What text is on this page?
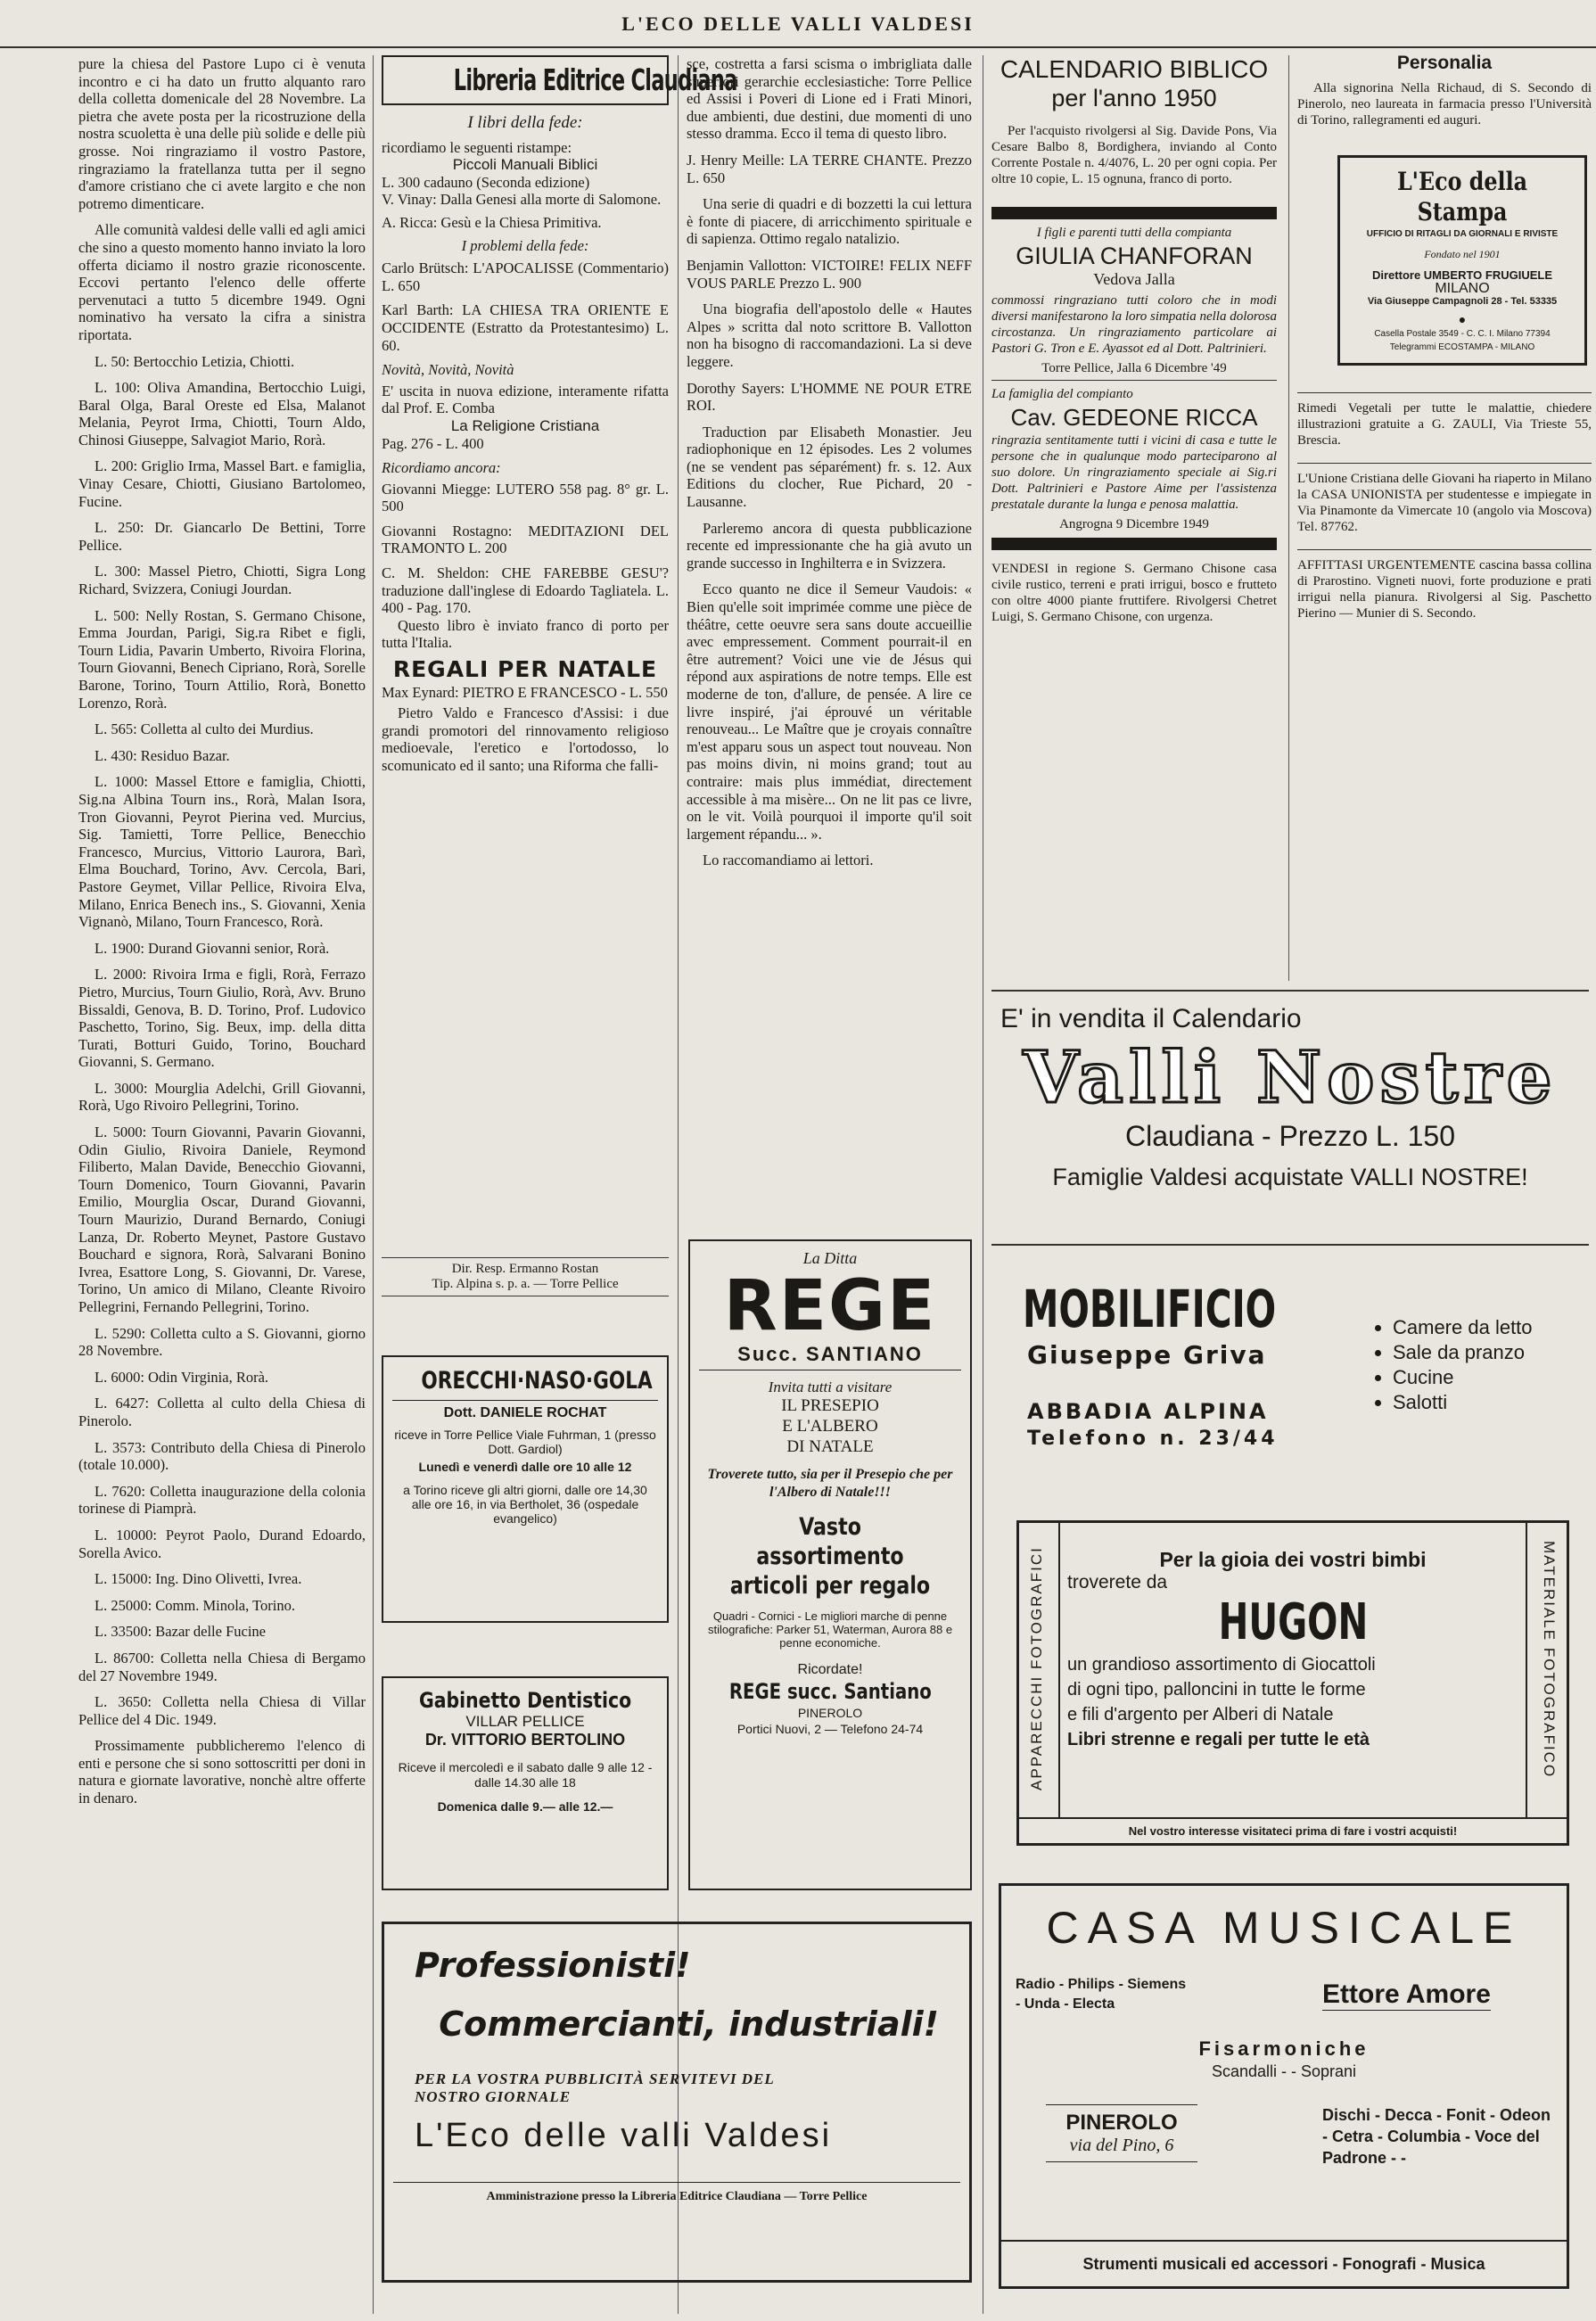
L'ECO DELLE VALLI VALDESI

pure la chiesa del Pastore Lupo ci è venuta incontro e ci ha dato un frutto alquanto raro della colletta domenicale del 28 Novembre. La pietra che avete posta per la ricostruzione della nostra scuoletta è una delle più solide e delle più grosse. Noi ringraziamo il vostro Pastore, ringraziamo la fratellanza tutta per il segno d'amore cristiano che ci avete largito e che non potremo dimenticare.

Alle comunità valdesi delle valli ed agli amici che sino a questo momento hanno inviato la loro offerta diciamo il nostro grazie riconoscente. Eccovi pertanto l'elenco delle offerte pervenutaci a tutto 5 dicembre 1949. Ogni nominativo ha versato la cifra a sinistra riportata.

L. 50: Bertocchio Letizia, Chiotti.

L. 100: Oliva Amandina, Bertocchio Luigi, Baral Olga, Baral Oreste ed Elsa, Malanot Melania, Peyrot Irma, Chiotti, Tourn Aldo, Chinosi Giuseppe, Salvagiot Mario, Rorà.

L. 200: Griglio Irma, Massel Bart. e famiglia, Vinay Cesare, Chiotti, Giusiano Bartolomeo, Fucine.

L. 250: Dr. Giancarlo De Bettini, Torre Pellice.

L. 300: Massel Pietro, Chiotti, Sigra Long Richard, Svizzera, Coniugi Jourdan.

L. 500: Nelly Rostan, S. Germano Chisone, Emma Jourdan, Parigi, Sig.ra Ribet e figli, Tourn Lidia, Pavarin Umberto, Rivoira Florina, Tourn Giovanni, Benech Cipriano, Rorà, Sorelle Barone, Torino, Tourn Attilio, Rorà, Bonetto Lorenzo, Rorà.

L. 565: Colletta al culto dei Murdius.

L. 430: Residuo Bazar.

L. 1000: Massel Ettore e famiglia, Chiotti, Sig.na Albina Tourn ins., Rorà, Malan Isora, Tron Giovanni, Peyrot Pierina ved. Murcius, Sig. Tamietti, Torre Pellice, Benecchio Francesco, Murcius, Vittorio Laurora, Barì, Elma Bouchard, Torino, Avv. Cercola, Bari, Pastore Geymet, Villar Pellice, Rivoira Elva, Milano, Enrica Benech ins., S. Giovanni, Xenia Vignanò, Milano, Tourn Francesco, Rorà.

L. 1900: Durand Giovanni senior, Rorà.

L. 2000: Rivoira Irma e figli, Rorà, Ferrazo Pietro, Murcius, Tourn Giulio, Rorà, Avv. Bruno Bissaldi, Genova, B. D. Torino, Prof. Ludovico Paschetto, Torino, Sig. Beux, imp. della ditta Turati, Botturi Guido, Torino, Bouchard Giovanni, S. Germano.

L. 3000: Mourglia Adelchi, Grill Giovanni, Rorà, Ugo Rivoiro Pellegrini, Torino.

L. 5000: Tourn Giovanni, Pavarin Giovanni, Odin Giulio, Rivoira Daniele, Reymond Filiberto, Malan Davide, Benecchio Giovanni, Tourn Domenico, Tourn Giovanni, Pavarin Emilio, Mourglia Oscar, Durand Giovanni, Tourn Maurizio, Durand Bernardo, Coniugi Lanza, Dr. Roberto Meynet, Pastore Gustavo Bouchard e signora, Rorà, Salvarani Bonino Ivrea, Esattore Long, S. Giovanni, Dr. Varese, Torino, Un amico di Milano, Cleante Rivoiro Pellegrini, Fernando Pellegrini, Torino.

L. 5290: Colletta culto a S. Giovanni, giorno 28 Novembre.

L. 6000: Odin Virginia, Rorà.

L. 6427: Colletta al culto della Chiesa di Pinerolo.

L. 3573: Contributo della Chiesa di Pinerolo (totale 10.000).

L. 7620: Colletta inaugurazione della colonia torinese di Piamprà.

L. 10000: Peyrot Paolo, Durand Edoardo, Sorella Avico.

L. 15000: Ing. Dino Olivetti, Ivrea.

L. 25000: Comm. Minola, Torino.

L. 33500: Bazar delle Fucine

L. 86700: Colletta nella Chiesa di Bergamo del 27 Novembre 1949.

L. 3650: Colletta nella Chiesa di Villar Pellice del 4 Dic. 1949.

Prossimamente pubblicheremo l'elenco di enti e persone che si sono sottoscritti per doni in natura e giornate lavorative, nonchè altre offerte in denaro.

Libreria Editrice Claudiana
I libri della fede:
ricordiamo le seguenti ristampe:
Piccoli Manuali Biblici
L. 300 cadauno (Seconda edizione)
V. Vinay: Dalla Genesi alla morte di Salomone.
A. Ricca: Gesù e la Chiesa Primitiva.
I problemi della fede:
Carlo Brütsch: L'APOCALISSE (Commentario) L. 650
Karl Barth: LA CHIESA TRA ORIENTE E OCCIDENTE (Estratto da Protestantesimo) L. 60.
Novità, Novità, Novità
E' uscita in nuova edizione, interamente rifatta dal Prof. E. Comba
La Religione Cristiana
Pag. 276 - L. 400
Ricordiamo ancora:
Giovanni Miegge: LUTERO 558 pag. 8° gr. L. 500
Giovanni Rostagno: MEDITAZIONI DEL TRAMONTO L. 200
C. M. Sheldon: CHE FAREBBE GESU'? traduzione dall'inglese di Edoardo Tagliatela. L. 400 - Pag. 170.

Questo libro è inviato franco di porto per tutta l'Italia.

REGALI PER NATALE
Max Eynard: PIETRO E FRANCESCO - L. 550

Pietro Valdo e Francesco d'Assisi: i due grandi promotori del rinnovamento religioso medioevale, l'eretico e l'ortodosso, lo scomunicato ed il santo; una Riforma che falli-

sce, costretta a farsi scisma o imbrigliata dalle superiori gerarchie ecclesiastiche: Torre Pellice ed Assisi i Poveri di Lione ed i Frati Minori, due ambienti, due destini, due momenti di uno stesso dramma. Ecco il tema di questo libro.

J. Henry Meille: LA TERRE CHANTE. Prezzo L. 650

Una serie di quadri e di bozzetti la cui lettura è fonte di piacere, di arricchimento spirituale e di sapienza. Ottimo regalo natalizio.

Benjamin Vallotton: VICTOIRE! FELIX NEFF VOUS PARLE Prezzo L. 900

Una biografia dell'apostolo delle « Hautes Alpes » scritta dal noto scrittore B. Vallotton non ha bisogno di raccomandazioni. La si deve leggere.

Dorothy Sayers: L'HOMME NE POUR ETRE ROI.

Traduction par Elisabeth Monastier. Jeu radiophonique en 12 épisodes. Les 2 volumes (ne se vendent pas séparément) fr. s. 12. Aux Editions du clocher, Rue Pichard, 20 - Lausanne.

Parleremo ancora di questa pubblicazione recente ed impressionante che ha già avuto un grande successo in Inghilterra e in Svizzera.

Ecco quanto ne dice il Semeur Vaudois: « Bien qu'elle soit imprimée comme une pièce de théâtre, cette oeuvre sera sans doute accueillie avec empressement. Comment pourrait-il en être autrement? Voici une vie de Jésus qui répond aux aspirations de notre temps. Elle est moderne de ton, d'allure, de pensée. A lire ce livre inspiré, j'ai éprouvé un véritable renouveau... Le Maître que je croyais connaître m'est apparu sous un aspect tout nouveau. Non pas moins divin, ni moins grand; tout au contraire: mais plus immédiat, directement accessible à ma misère... On ne lit pas ce livre, on le vit. Voilà pourquoi il importe qu'il soit largement répandu... ».

Lo raccomandiamo ai lettori.

Dir. Resp. Ermanno Rostan
Tip. Alpina s. p. a. — Torre Pellice
ORECCHI·NASO·GOLA
Dott. DANIELE ROCHAT
riceve in Torre Pellice Viale Fuhrman, 1 (presso Dott. Gardiol)
Lunedì e venerdì dalle ore 10 alle 12
a Torino riceve gli altri giorni, dalle ore 14,30 alle ore 16, in via Bertholet, 36 (ospedale evangelico)
Gabinetto Dentistico
VILLAR PELLICE
Dr. VITTORIO BERTOLINO
Riceve il mercoledì e il sabato dalle 9 alle 12 - dalle 14.30 alle 18
Domenica dalle 9.— alle 12.—
La Ditta
REGE
Succ. SANTIANO
Invita tutti a visitare
IL PRESEPIO
E L'ALBERO
DI NATALE
Troverete tutto, sia per il Presepio che per l'Albero di Natale!!!
Vasto assortimento articoli per regalo
Quadri - Cornici - Le migliori marche di penne stilografiche: Parker 51, Waterman, Aurora 88 e penne economiche.
Ricordate!
REGE succ. Santiano
PINEROLO
Portici Nuovi, 2 — Telefono 24-74
Professionisti!
Commercianti, industriali!
PER LA VOSTRA PUBBLICITÀ SERVITEVI DEL NOSTRO GIORNALE
L'Eco delle valli Valdesi
Amministrazione presso la Libreria Editrice Claudiana — Torre Pellice
CALENDARIO BIBLICO
per l'anno 1950

Per l'acquisto rivolgersi al Sig. Davide Pons, Via Cesare Balbo 8, Bordighera, inviando al Conto Corrente Postale n. 4/4076, L. 20 per ogni copia. Per oltre 10 copie, L. 15 ognuna, franco di porto.

I figli e parenti tutti della compianta
GIULIA CHANFORAN
Vedova Jalla
commossi ringraziano tutti coloro che in modi diversi manifestarono la loro simpatia nella dolorosa circostanza. Un ringraziamento particolare ai Pastori G. Tron e E. Ayassot ed al Dott. Paltrinieri.
Torre Pellice, Jalla 6 Dicembre '49
La famiglia del compianto
Cav. GEDEONE RICCA
ringrazia sentitamente tutti i vicini di casa e tutte le persone che in qualunque modo parteciparono al suo dolore. Un ringraziamento speciale ai Sig.ri Dott. Paltrinieri e Pastore Aime per l'assistenza prestatale durante la lunga e penosa malattia.
Angrogna 9 Dicembre 1949

VENDESI in regione S. Germano Chisone casa civile rustico, terreni e prati irrigui, bosco e frutteto con oltre 4000 piante fruttifere. Rivolgersi Chetret Luigi, S. Germano Chisone, con urgenza.

Personalia

Alla signorina Nella Richaud, di S. Secondo di Pinerolo, neo laureata in farmacia presso l'Università di Torino, rallegramenti ed auguri.

L'Eco della Stampa
UFFICIO DI RITAGLI DA GIORNALI E RIVISTE
Fondato nel 1901
Direttore UMBERTO FRUGIUELE
MILANO
Via Giuseppe Campagnoli 28 - Tel. 53335
●
Casella Postale 3549 - C. C. I. Milano 77394
Telegrammi ECOSTAMPA - MILANO
Rimedi Vegetali per tutte le malattie, chiedere illustrazioni gratuite a G. ZAULI, Via Trieste 55, Brescia.
L'Unione Cristiana delle Giovani ha riaperto in Milano la CASA UNIONISTA per studentesse e impiegate in Via Pinamonte da Vimercate 10 (angolo via Moscova) Tel. 87762.
AFFITTASI URGENTEMENTE cascina bassa collina di Prarostino. Vigneti nuovi, forte produzione e prati irrigui nella pianura. Rivolgersi al Sig. Paschetto Pierino — Munier di S. Secondo.
E' in vendita il Calendario
Valli Nostre
Claudiana - Prezzo L. 150
Famiglie Valdesi acquistate VALLI NOSTRE!
MOBILIFICIO
Giuseppe Griva
ABBADIA ALPINA
Telefono n. 23/44
• Camere da letto
• Sale da pranzo
• Cucine
• Salotti
APPARECCHI FOTOGRAFICI	MATERIALE FOTOGRAFICO
Per la gioia dei vostri bimbi
troverete da
HUGON
un grandioso assortimento di Giocattoli
di ogni tipo, palloncini in tutte le forme
e fili d'argento per Alberi di Natale
Libri strenne e regali per tutte le età
Nel vostro interesse visitateci prima di fare i vostri acquisti!
CASA MUSICALE
Radio - Philips - Siemens - Unda - Electa	Ettore Amore
Fisarmoniche
Scandalli - - Soprani
PINEROLO
via del Pino, 6
Dischi - Decca - Fonit - Odeon - Cetra - Columbia - Voce del Padrone - -
Strumenti musicali ed accessori - Fonografi - Musica
